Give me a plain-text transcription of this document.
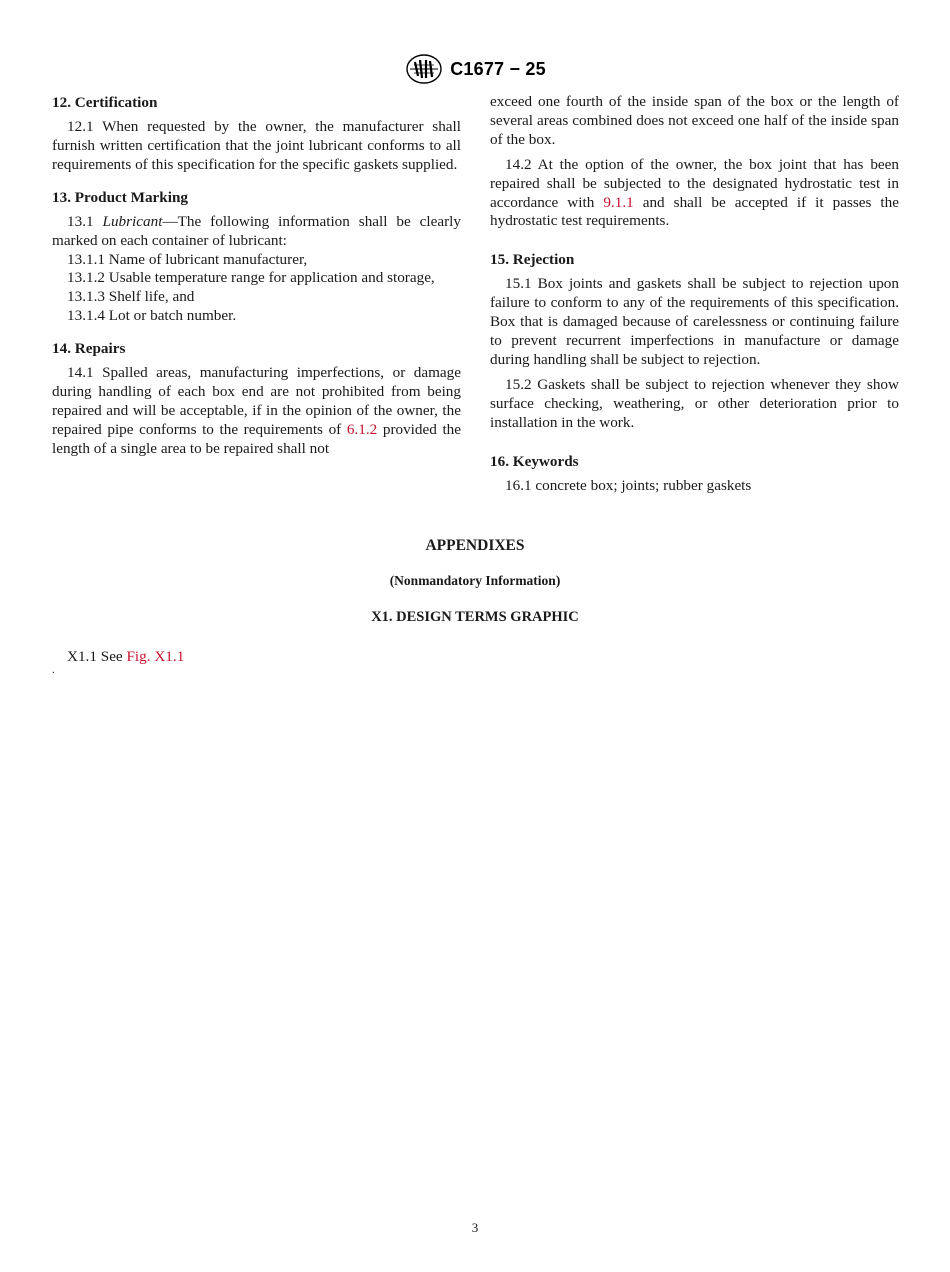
C1677 − 25
12. Certification

12.1 When requested by the owner, the manufacturer shall furnish written certification that the joint lubricant conforms to all requirements of this specification for the specific gaskets supplied.

13. Product Marking

13.1 Lubricant—The following information shall be clearly marked on each container of lubricant:

13.1.1 Name of lubricant manufacturer,

13.1.2 Usable temperature range for application and storage,

13.1.3 Shelf life, and

13.1.4 Lot or batch number.

14. Repairs

14.1 Spalled areas, manufacturing imperfections, or damage during handling of each box end are not prohibited from being repaired and will be acceptable, if in the opinion of the owner, the repaired pipe conforms to the requirements of 6.1.2 provided the length of a single area to be repaired shall not

exceed one fourth of the inside span of the box or the length of several areas combined does not exceed one half of the inside span of the box.

14.2 At the option of the owner, the box joint that has been repaired shall be subjected to the designated hydrostatic test in accordance with 9.1.1 and shall be accepted if it passes the hydrostatic test requirements.

15. Rejection

15.1 Box joints and gaskets shall be subject to rejection upon failure to conform to any of the requirements of this specification. Box that is damaged because of carelessness or continuing failure to prevent recurrent imperfections in manufacture or damage during handling shall be subject to rejection.

15.2 Gaskets shall be subject to rejection whenever they show surface checking, weathering, or other deterioration prior to installation in the work.

16. Keywords

16.1 concrete box; joints; rubber gaskets

APPENDIXES
(Nonmandatory Information)
X1. DESIGN TERMS GRAPHIC
X1.1 See Fig. X1.1
.
3
